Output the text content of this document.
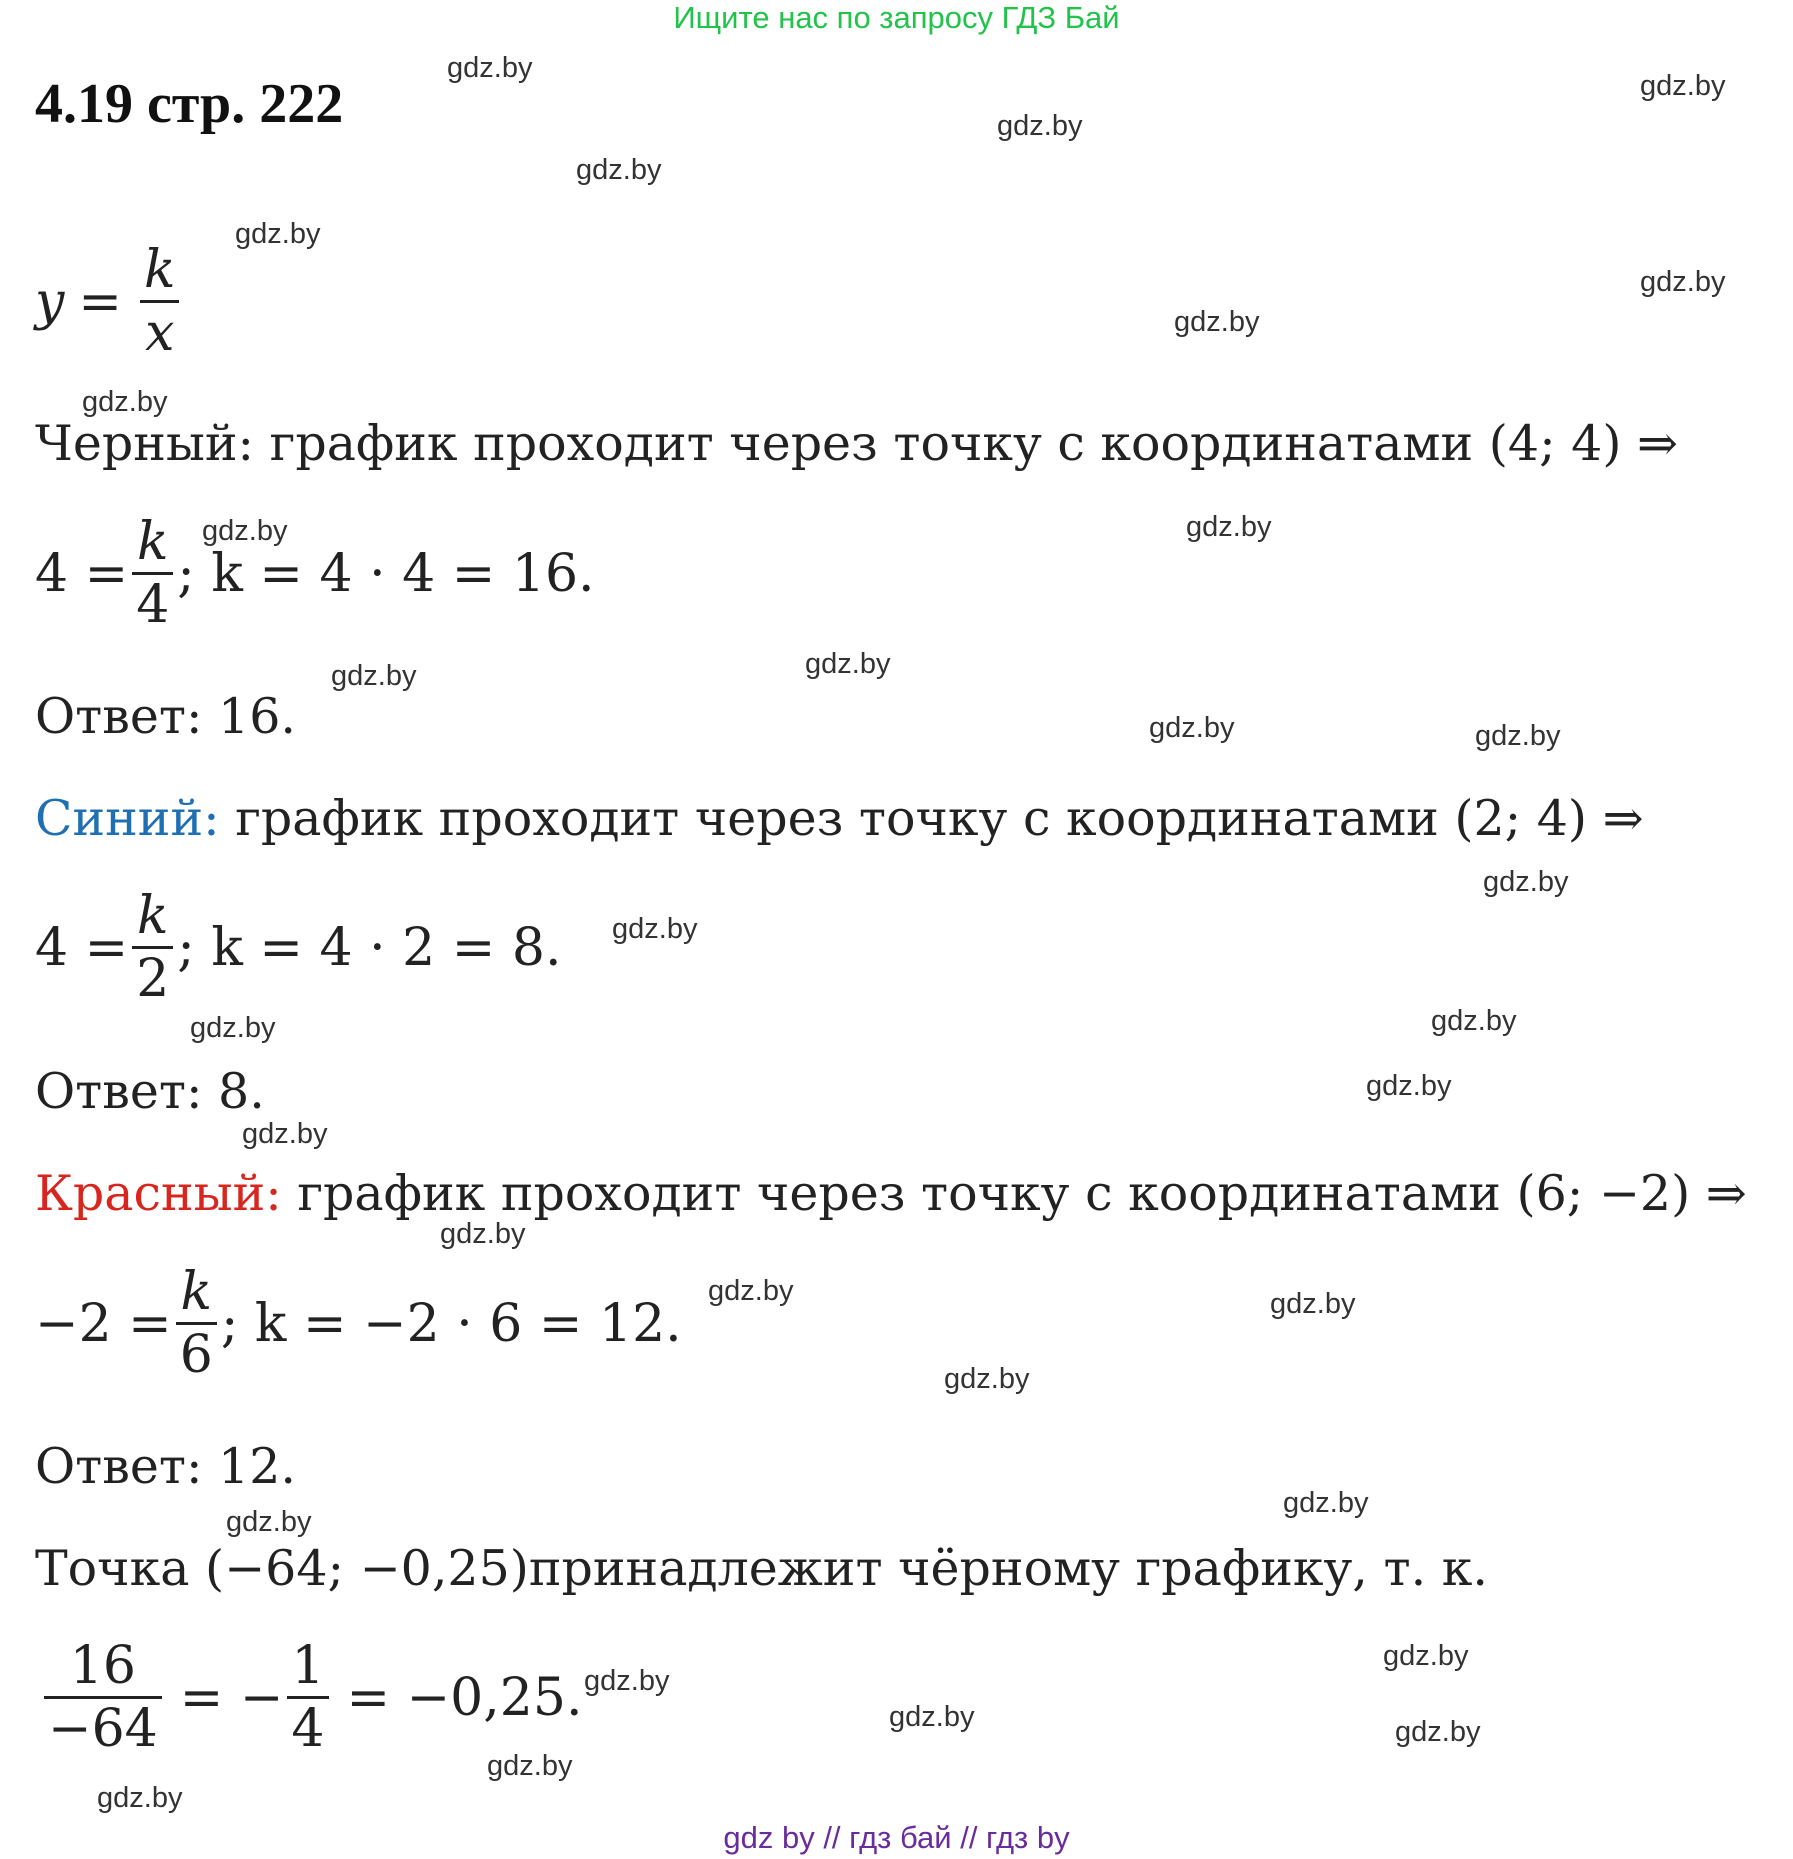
Ищите нас по запросу ГДЗ Бай
4.19 стр. 222
$y = \frac{k}{x}$
Черный: график проходит через точку с координатами (4; 4) ⇒
$4 = \frac{k}{4}$ ; k = 4 · 4 = 16.
Ответ: 16.
Синий: график проходит через точку с координатами (2; 4) ⇒
$4 = \frac{k}{2}$ ; k = 4 · 2 = 8.
Ответ: 8.
Красный: график проходит через точку с координатами (6; −2) ⇒
$-2 = \frac{k}{6}$ ; k = −2 · 6 = 12.
Ответ: 12.
Точка (−64; −0,25)принадлежит чёрному графику, т. к.
$\frac{16}{-64}$ = − $\frac{1}{4} = -0,25$.
gdz.by
gdz.by
gdz.by
gdz.by
gdz.by
gdz.by
gdz.by
gdz.by
gdz.by	gdz.by
gdz.by
gdz.by
gdz.by	gdz.by
gdz.by
gdz.by
gdz.by	gdz.by
gdz.by
gdz.by
gdz.by
gdz.by	gdz.by
gdz.by
gdz.by
gdz.by
gdz.by
gdz.by
gdz.by	gdz.by
gdz.by
gdz.by
gdz by // гдз бай // гдз by
